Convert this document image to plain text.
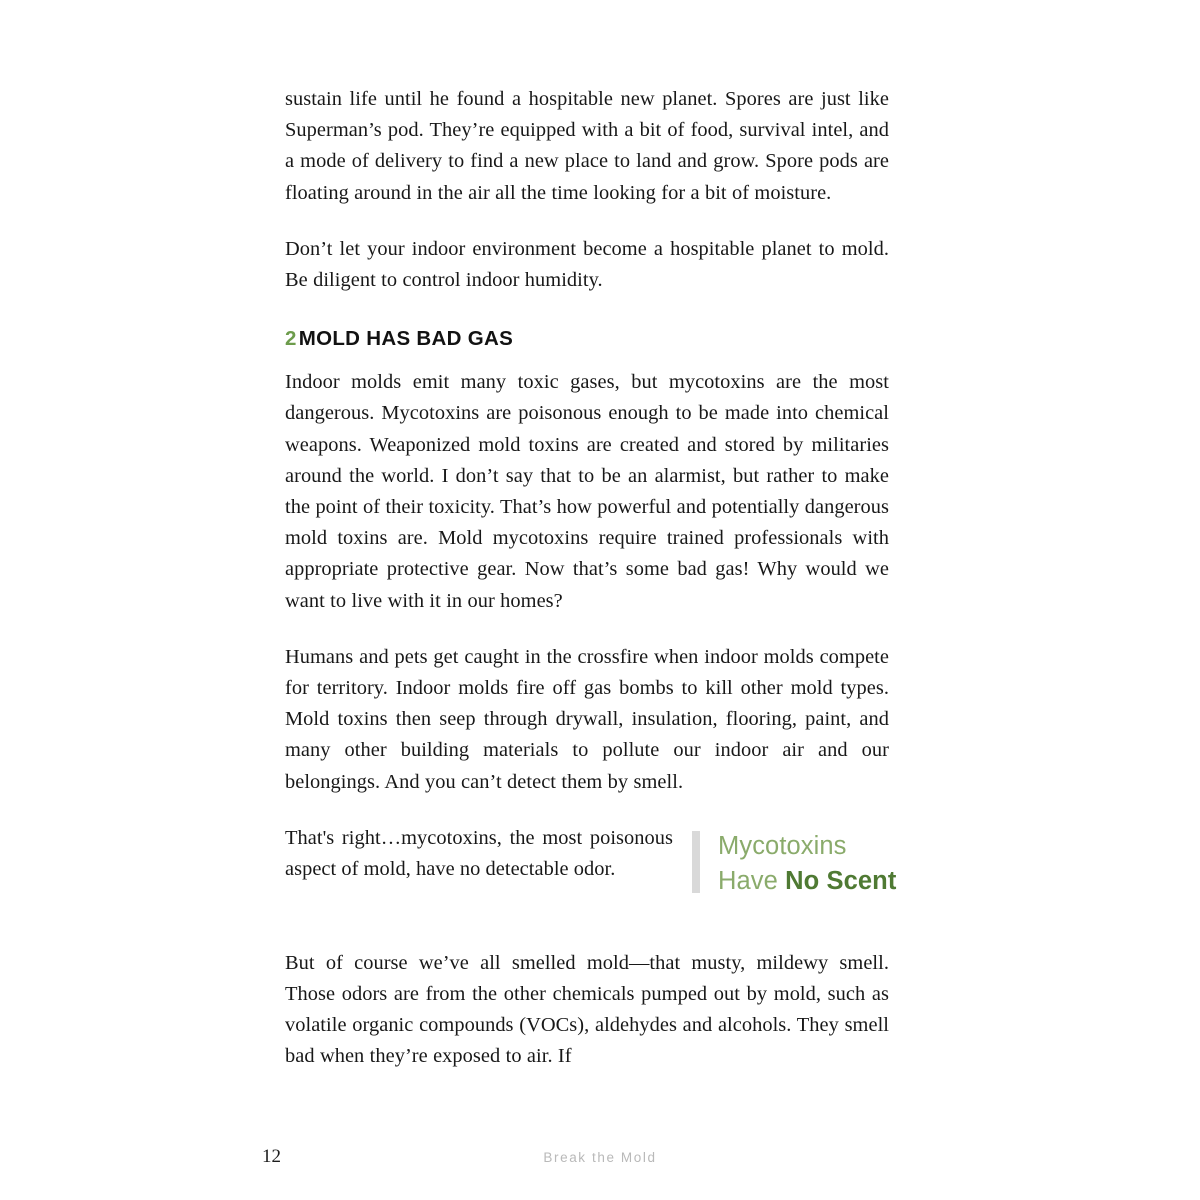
sustain life until he found a hospitable new planet. Spores are just like Superman’s pod. They’re equipped with a bit of food, survival intel, and a mode of delivery to find a new place to land and grow. Spore pods are floating around in the air all the time looking for a bit of moisture.

Don’t let your indoor environment become a hospitable planet to mold. Be diligent to control indoor humidity.

2MOLD HAS BAD GAS

Indoor molds emit many toxic gases, but mycotoxins are the most dangerous. Mycotoxins are poisonous enough to be made into chemical weapons. Weaponized mold toxins are created and stored by militaries around the world. I don’t say that to be an alarmist, but rather to make the point of their toxicity. That’s how powerful and potentially dangerous mold toxins are. Mold mycotoxins require trained professionals with appropriate protective gear. Now that’s some bad gas! Why would we want to live with it in our homes?

Humans and pets get caught in the crossfire when indoor molds compete for territory. Indoor molds fire off gas bombs to kill other mold types. Mold toxins then seep through drywall, insulation, flooring, paint, and many other building materials to pollute our indoor air and our belongings. And you can’t detect them by smell.

That's right…mycotoxins, the most poisonous aspect of mold, have no detectable odor.

Mycotoxins
Have No Scent

But of course we’ve all smelled mold—that musty, mildewy smell. Those odors are from the other chemicals pumped out by mold, such as volatile organic compounds (VOCs), aldehydes and alcohols. They smell bad when they’re exposed to air. If

12	Break the Mold
